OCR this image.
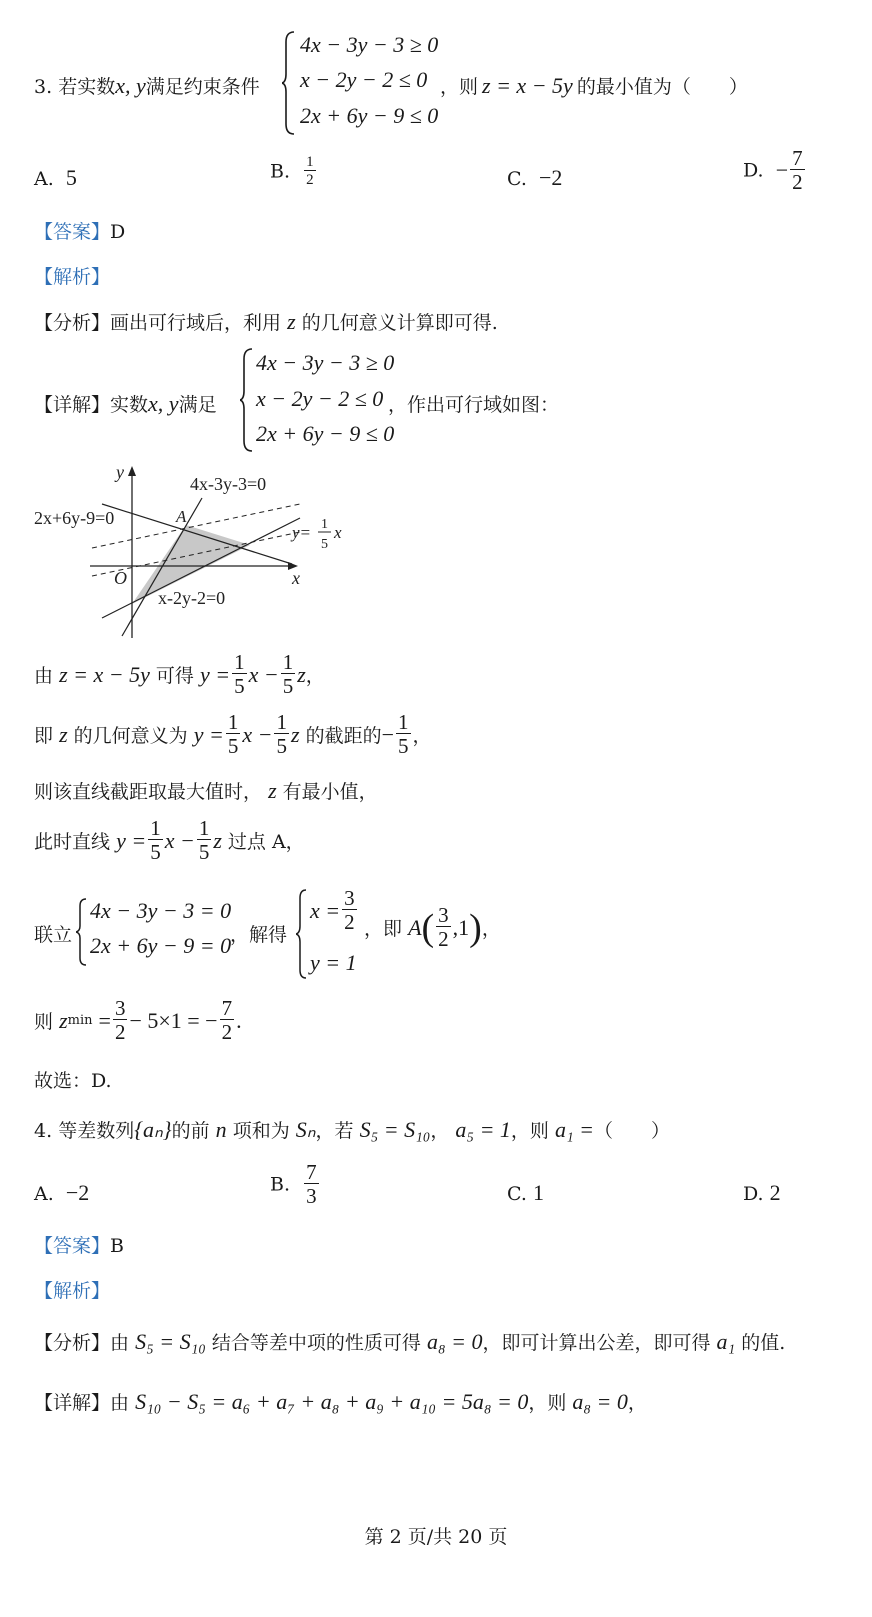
3. 若实数x, y满足约束条件
4x − 3y − 3 ≥ 0
x − 2y − 2 ≤ 0
2x + 6y − 9 ≤ 0
，则 z = x − 5y 的最小值为（　　）
A. 5	B. $\frac{1}{2}$	C. −2	D. − $\frac{7}{2}$
【答案】D
【解析】
【分析】画出可行域后，利用 z 的几何意义计算即可得.
【详解】实数x, y满足
4x − 3y − 3 ≥ 0
x − 2y − 2 ≤ 0
2x + 6y − 9 ≤ 0
，作出可行域如图：
y
x
O
A
4x-3y-3=0
2x+6y-9=0
x-2y-2=0
y= 1
5
x
由
z = x − 5y
可得
$y = \frac{1}{5}$ $x - \frac{1}{5}$ z ，
即
z
的几何意义为
$y = \frac{1}{5}$ $x - \frac{1}{5}$ z
的截距的 − $\frac{1}{5}$ ，
则该直线截距取最大值时， z 有最小值，
此时直线
$y = \frac{1}{5}$ $x - \frac{1}{5}$ z
过点 A，
联立
4x − 3y − 3 = 0
2x + 6y − 9 = 0
，解得
$x = \frac{3}{2}$
y = 1
，即
A ( $\frac{3}{2} ,1$ ) ，
则
z min
= $\frac{3}{2} - 5\times 1$ = − $\frac{7}{2}$ .
故选：D.
4. 等差数列{aₙ}的前 n 项和为 Sₙ，若 S₅ = S₁₀， a₅ = 1，则 a₁ =（　　）
A. −2	B. $\frac{7}{3}$	C. 1	D. 2
【答案】B
【解析】
【分析】由 S₅ = S₁₀ 结合等差中项的性质可得 a₈ = 0，即可计算出公差，即可得 a₁ 的值.
【详解】由 S₁₀ − S₅ = a₆ + a₇ + a₈ + a₉ + a₁₀ = 5a₈ = 0，则 a₈ = 0，
第 2 页/共 20 页
